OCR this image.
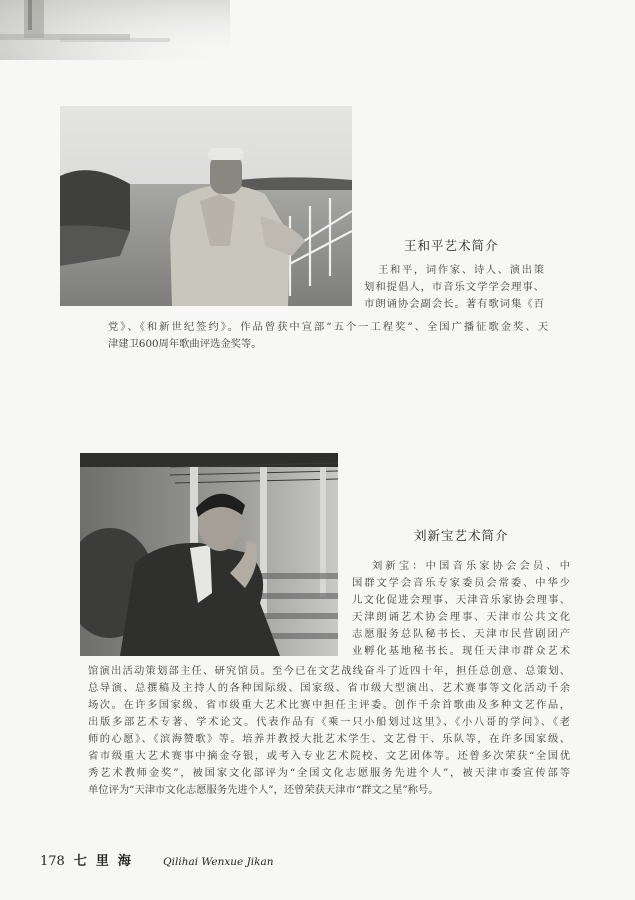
王和平艺术简介
王和平，词作家、诗人、演出策
划和提倡人，市音乐文学学会理事、
市朗诵协会副会长。著有歌词集《百
党》、《和新世纪签约》。作品曾获中宣部“五个一工程奖”、全国广播征歌金奖、天
津建卫600周年歌曲评选金奖等。
刘新宝艺术简介
刘新宝：中国音乐家协会会员、中
国群文学会音乐专家委员会常委、中华少
儿文化促进会理事、天津音乐家协会理事、
天津朗诵艺术协会理事、天津市公共文化
志愿服务总队秘书长、天津市民营剧团产
业孵化基地秘书长。现任天津市群众艺术
馆演出活动策划部主任、研究馆员。至今已在文艺战线奋斗了近四十年，担任总创意、总策划、
总导演、总撰稿及主持人的各种国际级、国家级、省市级大型演出、艺术赛事等文化活动千余
场次。在许多国家级、省市级重大艺术比赛中担任主评委。创作千余首歌曲及多种文艺作品，
出版多部艺术专著、学术论文。代表作品有《乘一只小船划过这里》、《小八哥的学问》、《老
师的心愿》、《滨海赞歌》等。培养并教授大批艺术学生、文艺骨干、乐队等，在许多国家级、
省市级重大艺术赛事中摘金夺银，或考入专业艺术院校、文艺团体等。还曾多次荣获“全国优
秀艺术教师金奖”，被国家文化部评为“全国文化志愿服务先进个人”，被天津市委宣传部等
单位评为“天津市文化志愿服务先进个人”，还曾荣获天津市“群文之星”称号。
178 七里海 Qilihai Wenxue Jikan
